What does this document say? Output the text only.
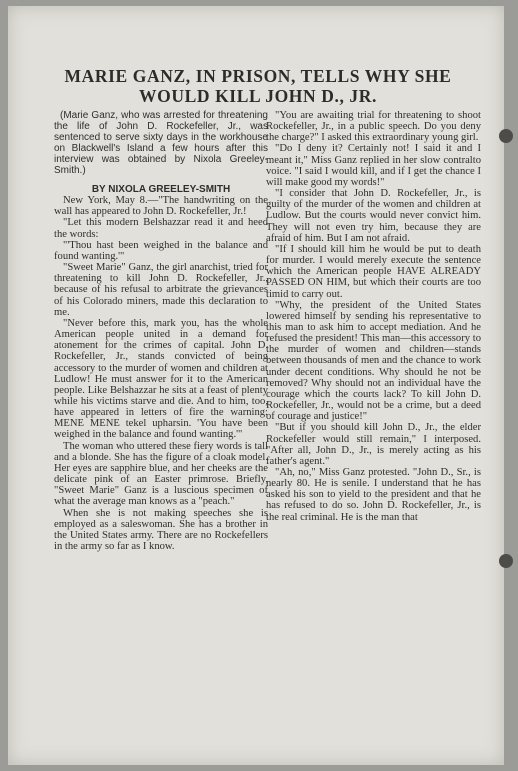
MARIE GANZ, IN PRISON, TELLS WHY SHE
WOULD KILL JOHN D., JR.

(Marie Ganz, who was arrested for threatening the life of John D. Rockefeller, Jr., was sentenced to serve sixty days in the workhouse on Blackwell's Island a few hours after this interview was obtained by Nixola Greeley-Smith.)

BY NIXOLA GREELEY-SMITH

New York, May 8.—"The handwriting on the wall has appeared to John D. Rockefeller, Jr.!

"Let this modern Belshazzar read it and heed the words:

"'Thou hast been weighed in the balance and found wanting.'"

"Sweet Marie" Ganz, the girl anarchist, tried for threatening to kill John D. Rockefeller, Jr., because of his refusal to arbitrate the grievances of his Colorado miners, made this declaration to me.

"Never before this, mark you, has the whole American people united in a demand for atonement for the crimes of capital. John D. Rockefeller, Jr., stands convicted of being accessory to the murder of women and children at Ludlow! He must answer for it to the American people. Like Belshazzar he sits at a feast of plenty while his victims starve and die. And to him, too, have appeared in letters of fire the warning: MENE MENE tekel upharsin. 'You have been weighed in the balance and found wanting.'"

The woman who uttered these fiery words is tall and a blonde. She has the figure of a cloak model. Her eyes are sapphire blue, and her cheeks are the delicate pink of an Easter primrose. Briefly, "Sweet Marie" Ganz is a luscious specimen of what the average man knows as a "peach."

When she is not making speeches she is employed as a saleswoman. She has a brother in the United States army. There are no Rockefellers in the army so far as I know.

"You are awaiting trial for threatening to shoot Rockefeller, Jr., in a public speech. Do you deny the charge?" I asked this extraordinary young girl.

"Do I deny it? Certainly not! I said it and I meant it," Miss Ganz replied in her slow contralto voice. "I said I would kill, and if I get the chance I will make good my words!"

"I consider that John D. Rockefeller, Jr., is guilty of the murder of the women and children at Ludlow. But the courts would never convict him. They will not even try him, because they are afraid of him. But I am not afraid.

"If I should kill him he would be put to death for murder. I would merely execute the sentence which the American people HAVE ALREADY PASSED ON HIM, but which their courts are too timid to carry out.

"Why, the president of the United States lowered himself by sending his representative to this man to ask him to accept mediation. And he refused the president! This man—this accessory to the murder of women and children—stands between thousands of men and the chance to work under decent conditions. Why should he not be removed? Why should not an individual have the courage which the courts lack? To kill John D. Rockefeller, Jr., would not be a crime, but a deed of courage and justice!"

"But if you should kill John D., Jr., the elder Rockefeller would still remain," I interposed. "After all, John D., Jr., is merely acting as his father's agent."

"Ah, no," Miss Ganz protested. "John D., Sr., is nearly 80. He is senile. I understand that he has asked his son to yield to the president and that he has refused to do so. John D. Rockefeller, Jr., is the real criminal. He is the man that
